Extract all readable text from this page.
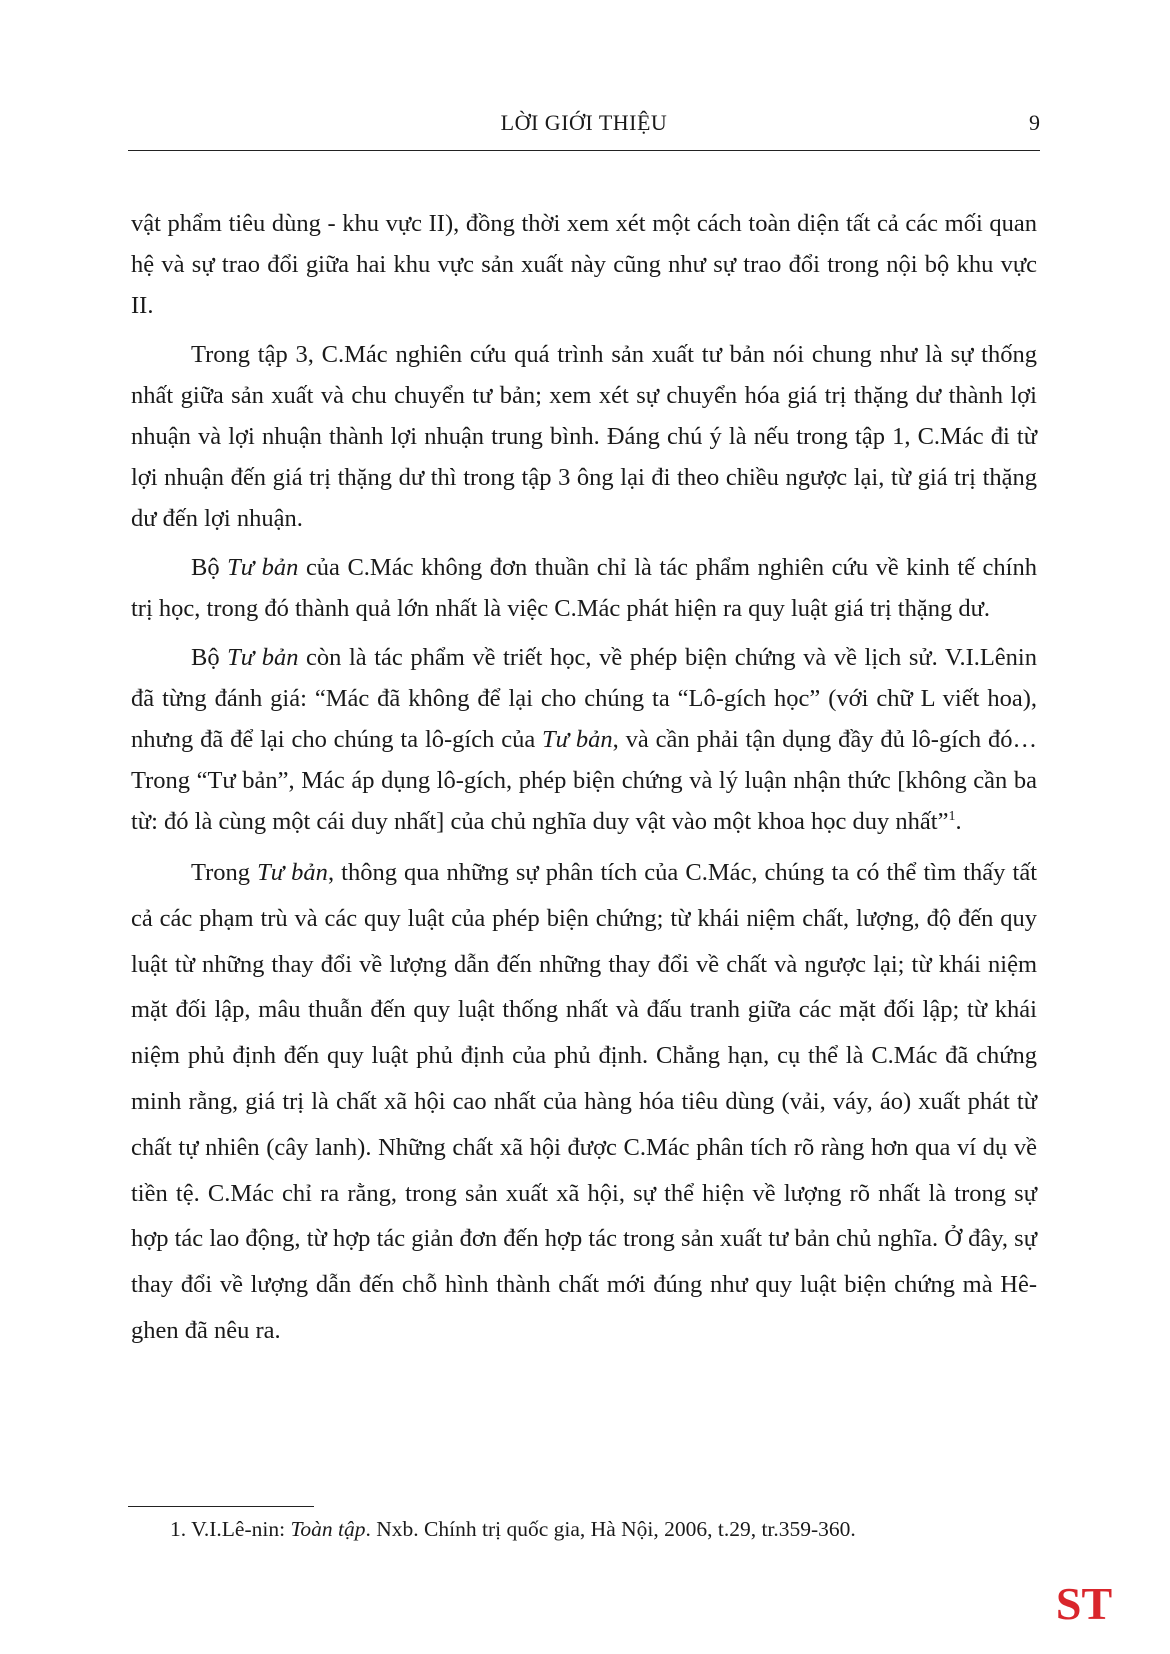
LỜI GIỚI THIỆU	9

vật phẩm tiêu dùng - khu vực II), đồng thời xem xét một cách toàn diện tất cả các mối quan hệ và sự trao đổi giữa hai khu vực sản xuất này cũng như sự trao đổi trong nội bộ khu vực II.

Trong tập 3, C.Mác nghiên cứu quá trình sản xuất tư bản nói chung như là sự thống nhất giữa sản xuất và chu chuyển tư bản; xem xét sự chuyển hóa giá trị thặng dư thành lợi nhuận và lợi nhuận thành lợi nhuận trung bình. Đáng chú ý là nếu trong tập 1, C.Mác đi từ lợi nhuận đến giá trị thặng dư thì trong tập 3 ông lại đi theo chiều ngược lại, từ giá trị thặng dư đến lợi nhuận.

Bộ Tư bản của C.Mác không đơn thuần chỉ là tác phẩm nghiên cứu về kinh tế chính trị học, trong đó thành quả lớn nhất là việc C.Mác phát hiện ra quy luật giá trị thặng dư.

Bộ Tư bản còn là tác phẩm về triết học, về phép biện chứng và về lịch sử. V.I.Lênin đã từng đánh giá: “Mác đã không để lại cho chúng ta “Lô-gích học” (với chữ L viết hoa), nhưng đã để lại cho chúng ta lô-gích của Tư bản, và cần phải tận dụng đầy đủ lô-gích đó… Trong “Tư bản”, Mác áp dụng lô-gích, phép biện chứng và lý luận nhận thức [không cần ba từ: đó là cùng một cái duy nhất] của chủ nghĩa duy vật vào một khoa học duy nhất”$^1$.

Trong Tư bản, thông qua những sự phân tích của C.Mác, chúng ta có thể tìm thấy tất cả các phạm trù và các quy luật của phép biện chứng; từ khái niệm chất, lượng, độ đến quy luật từ những thay đổi về lượng dẫn đến những thay đổi về chất và ngược lại; từ khái niệm mặt đối lập, mâu thuẫn đến quy luật thống nhất và đấu tranh giữa các mặt đối lập; từ khái niệm phủ định đến quy luật phủ định của phủ định. Chẳng hạn, cụ thể là C.Mác đã chứng minh rằng, giá trị là chất xã hội cao nhất của hàng hóa tiêu dùng (vải, váy, áo) xuất phát từ chất tự nhiên (cây lanh). Những chất xã hội được C.Mác phân tích rõ ràng hơn qua ví dụ về tiền tệ. C.Mác chỉ ra rằng, trong sản xuất xã hội, sự thể hiện về lượng rõ nhất là trong sự hợp tác lao động, từ hợp tác giản đơn đến hợp tác trong sản xuất tư bản chủ nghĩa. Ở đây, sự thay đổi về lượng dẫn đến chỗ hình thành chất mới đúng như quy luật biện chứng mà Hê-ghen đã nêu ra.

1. V.I.Lê-nin: Toàn tập. Nxb. Chính trị quốc gia, Hà Nội, 2006, t.29, tr.359-360.
ST
